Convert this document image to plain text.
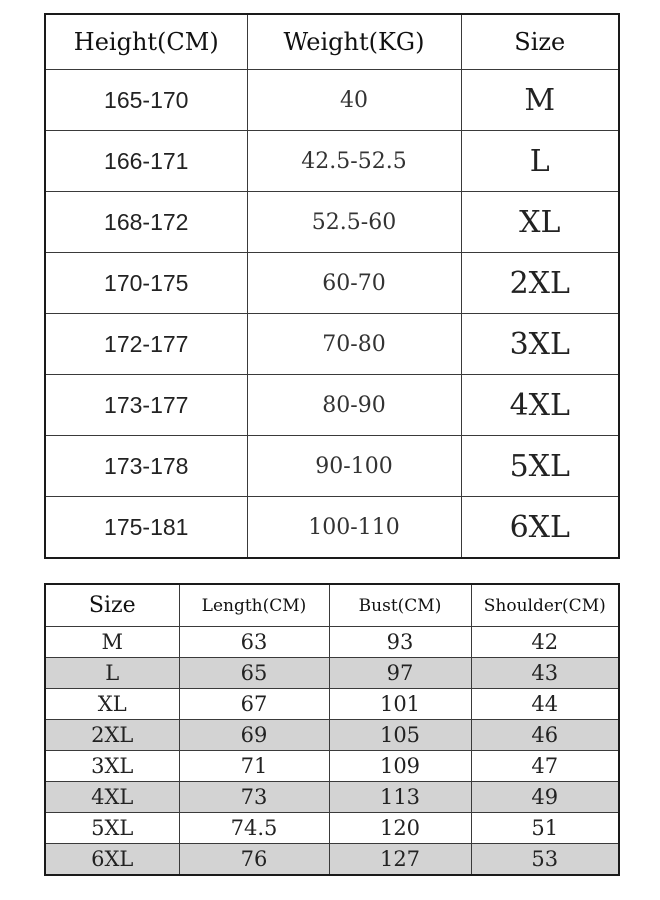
Height(CM)	Weight(KG)	Size
165-170	40	M
166-171	42.5-52.5	L
168-172	52.5-60	XL
170-175	60-70	2XL
172-177	70-80	3XL
173-177	80-90	4XL
173-178	90-100	5XL
175-181	100-110	6XL
Size	Length(CM)	Bust(CM)	Shoulder(CM)
M	63	93	42
L	65	97	43
XL	67	101	44
2XL	69	105	46
3XL	71	109	47
4XL	73	113	49
5XL	74.5	120	51
6XL	76	127	53
